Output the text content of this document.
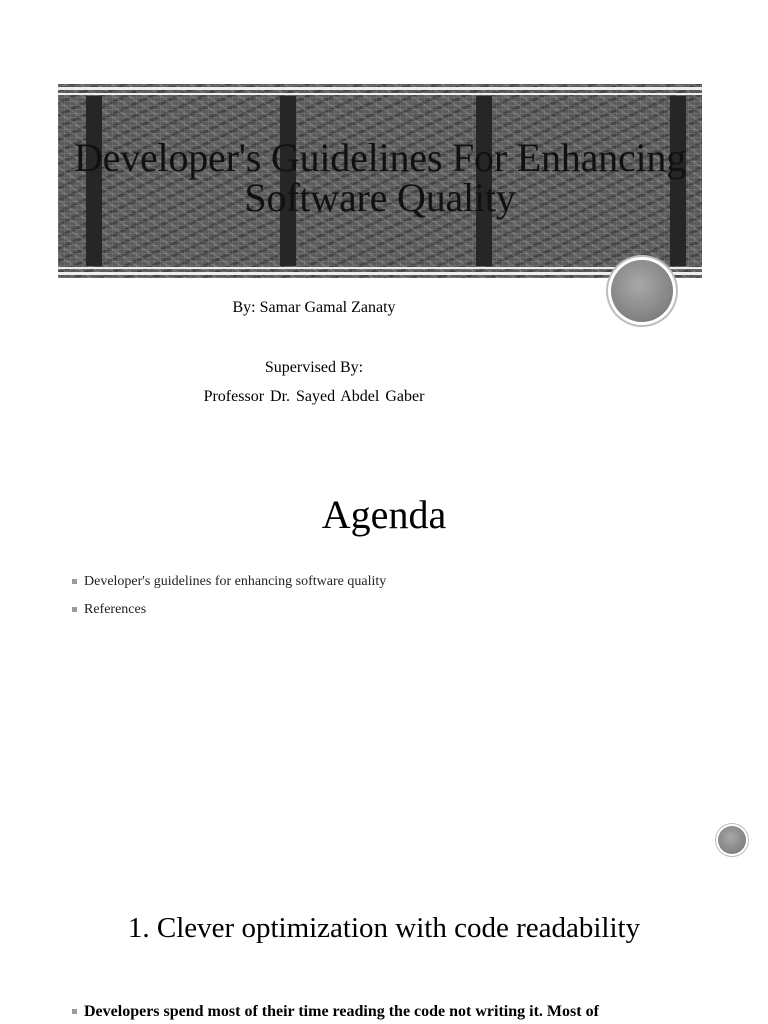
Developer's Guidelines For Enhancing Software Quality

By: Samar Gamal Zanaty

Supervised By:

Professor Dr. Sayed Abdel Gaber

Agenda
Developer's guidelines for enhancing software quality
References
1. Clever optimization with code readability

Developers spend most of their time reading the code not writing it. Most of
